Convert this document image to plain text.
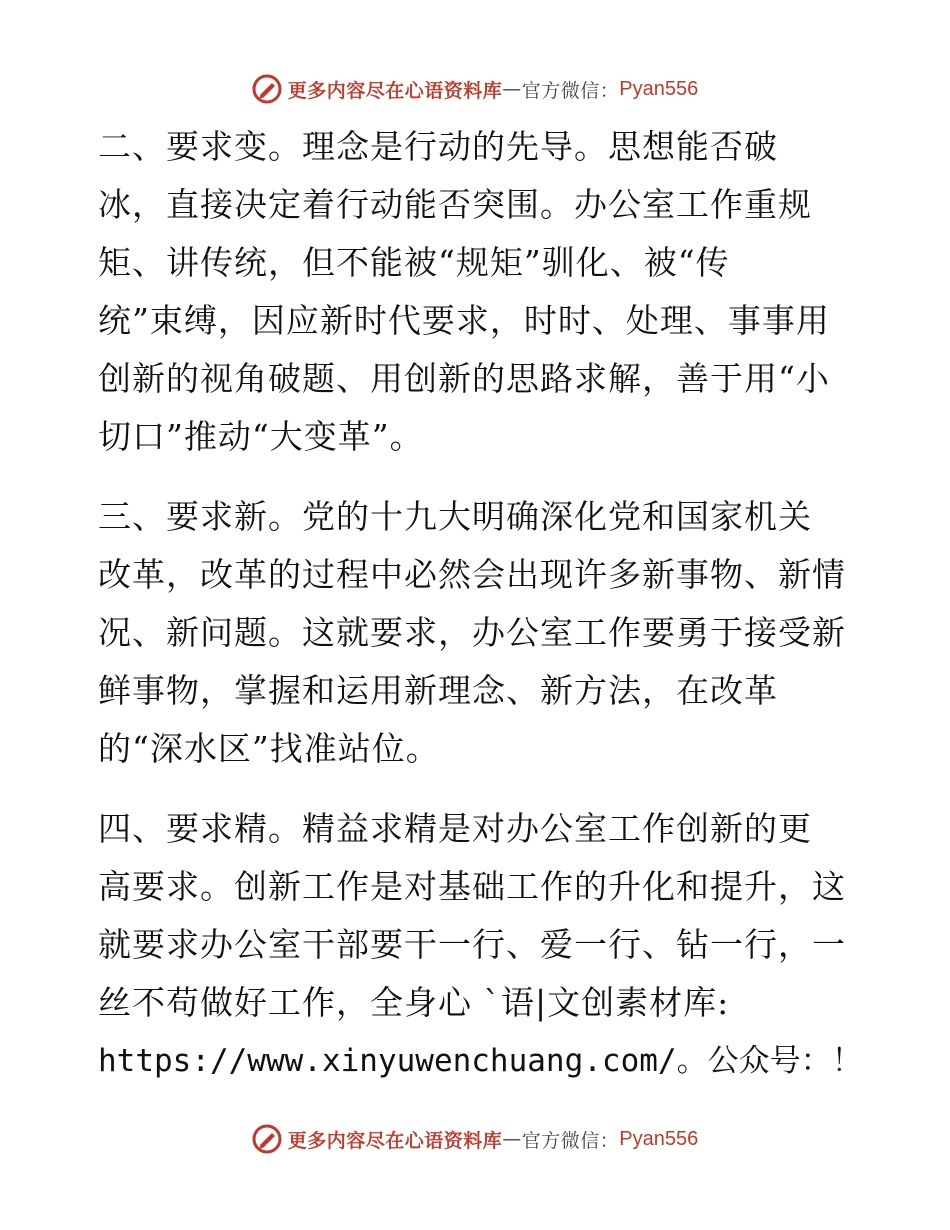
更多内容尽在心语资料库 — 官方微信： Pyan556
二、要求变。理念是行动的先导。思想能否破
冰，直接决定着行动能否突围。办公室工作重规
矩、讲传统，但不能被“规矩”驯化、被“传
统”束缚，因应新时代要求，时时、处理、事事用
创新的视角破题、用创新的思路求解，善于用“小
切口”推动“大变革”。
三、要求新。党的十九大明确深化党和国家机关
改革，改革的过程中必然会出现许多新事物、新情
况、新问题。这就要求，办公室工作要勇于接受新
鲜事物，掌握和运用新理念、新方法，在改革
的“深水区”找准站位。
四、要求精。精益求精是对办公室工作创新的更
高要求。创新工作是对基础工作的升化和提升，这
就要求办公室干部要干一行、爱一行、钻一行，一
丝不苟做好工作，全身心 `语|文创素材库:
https://www.xinyuwenchuang.com/。公众号：！
更多内容尽在心语资料库 — 官方微信： Pyan556
